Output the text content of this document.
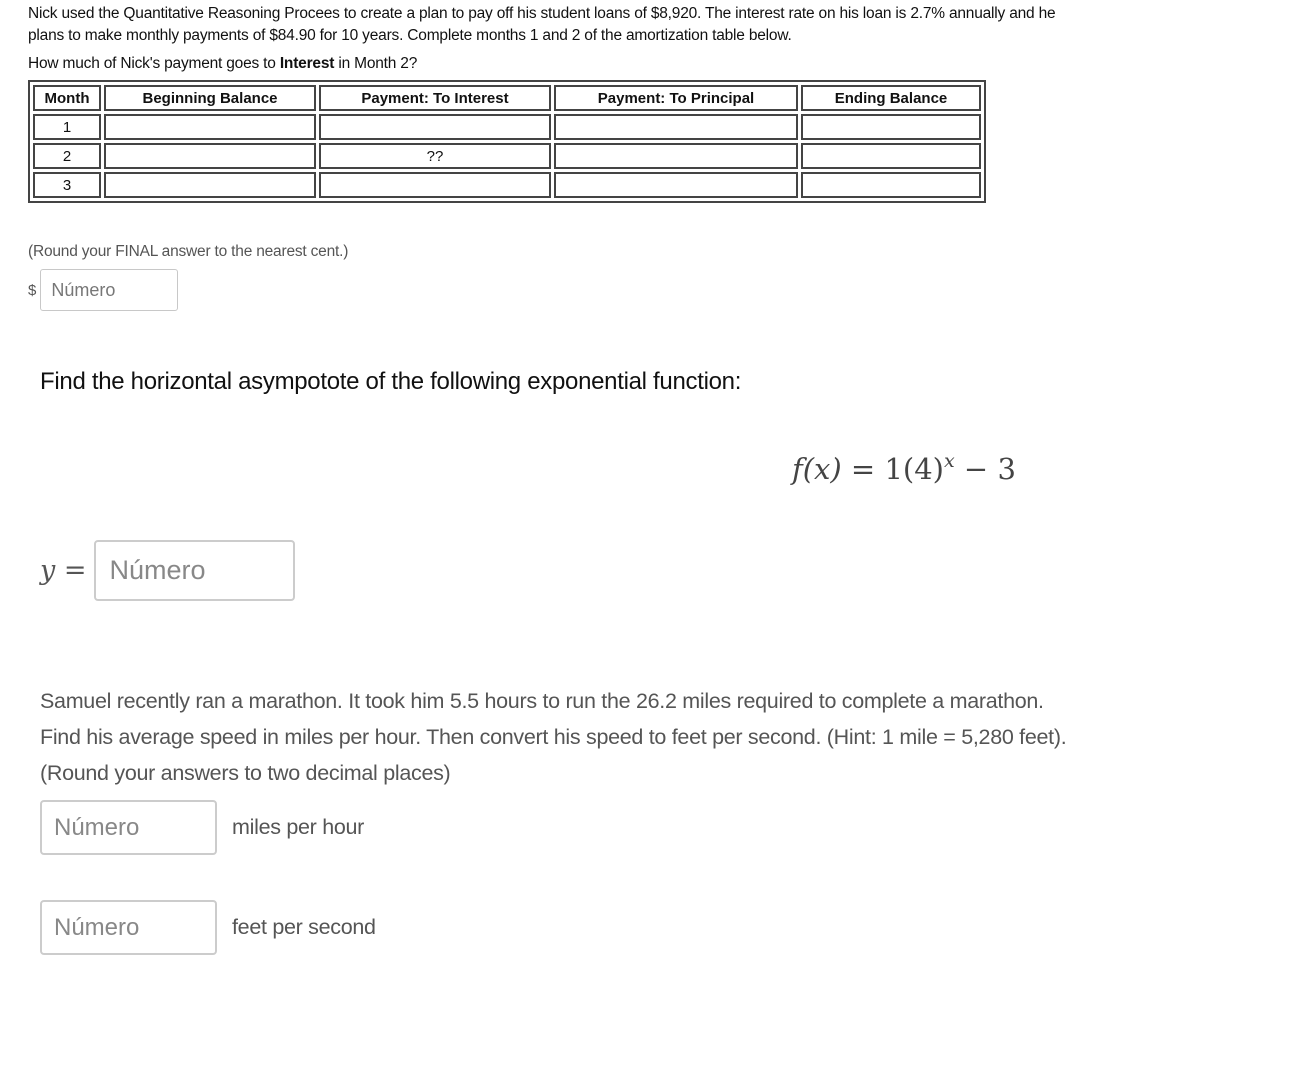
Nick used the Quantitative Reasoning Procees to create a plan to pay off his student loans of $8,920. The interest rate on his loan is 2.7% annually and he
plans to make monthly payments of $84.90 for 10 years. Complete months 1 and 2 of the amortization table below.

How much of Nick's payment goes to Interest in Month 2?

Month	Beginning Balance	Payment: To Interest	Payment: To Principal	Ending Balance
1				
2		??		
3				

(Round your FINAL answer to the nearest cent.)

$
Número

Find the horizontal asympotote of the following exponential function:

$f(x) = 1(4)^x - 3$
y =
Número

Samuel recently ran a marathon. It took him 5.5 hours to run the 26.2 miles required to complete a marathon.

Find his average speed in miles per hour. Then convert his speed to feet per second. (Hint: 1 mile = 5,280 feet).

(Round your answers to two decimal places)

Número
miles per hour
Número
feet per second
